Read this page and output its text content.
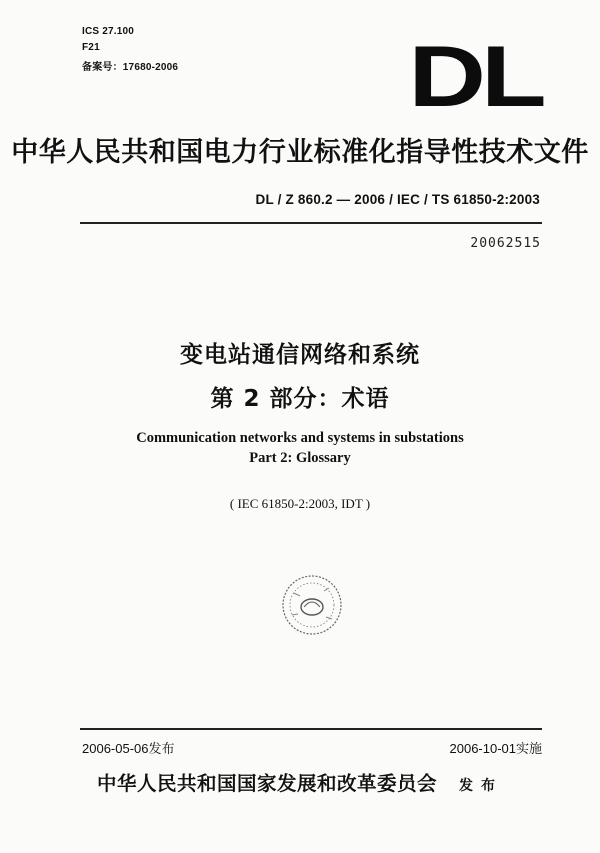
ICS 27.100
F21
备案号：17680-2006	DL
中华人民共和国电力行业标准化指导性技术文件
DL / Z 860.2 — 2006 / IEC / TS 61850-2:2003
20062515
变电站通信网络和系统
第 2 部分：术语
Communication networks and systems in substations
Part 2: Glossary
( IEC 61850-2:2003, IDT )
2006-05-06发布	2006-10-01实施
中华人民共和国国家发展和改革委员会 发布
